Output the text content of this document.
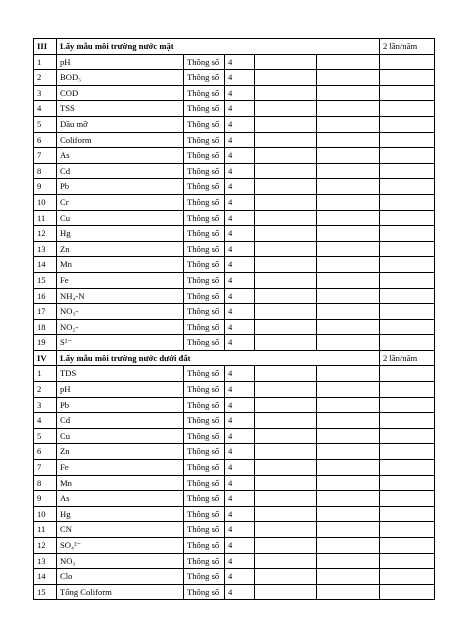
III	Lấy mẫu môi trường nước mặt					2 lần/năm
1	pH	Thông số	4			
2	BOD₅	Thông số	4			
3	COD	Thông số	4			
4	TSS	Thông số	4			
5	Dầu mỡ	Thông số	4			
6	Coliform	Thông số	4			
7	As	Thông số	4			
8	Cd	Thông số	4			
9	Pb	Thông số	4			
10	Cr	Thông số	4			
11	Cu	Thông số	4			
12	Hg	Thông số	4			
13	Zn	Thông số	4			
14	Mn	Thông số	4			
15	Fe	Thông số	4			
16	NH₄-N	Thông số	4			
17	NO₃-	Thông số	4			
18	NO₂-	Thông số	4			
19	S²⁻	Thông số	4			
IV	Lấy mẫu môi trường nước dưới đất					2 lần/năm
1	TDS	Thông số	4			
2	pH	Thông số	4			
3	Pb	Thông số	4			
4	Cd	Thông số	4			
5	Cu	Thông số	4			
6	Zn	Thông số	4			
7	Fe	Thông số	4			
8	Mn	Thông số	4			
9	As	Thông số	4			
10	Hg	Thông số	4			
11	CN	Thông số	4			
12	SO₄²⁻	Thông số	4			
13	NO₃	Thông số	4			
14	Clo	Thông số	4			
15	Tổng Coliform	Thông số	4			
